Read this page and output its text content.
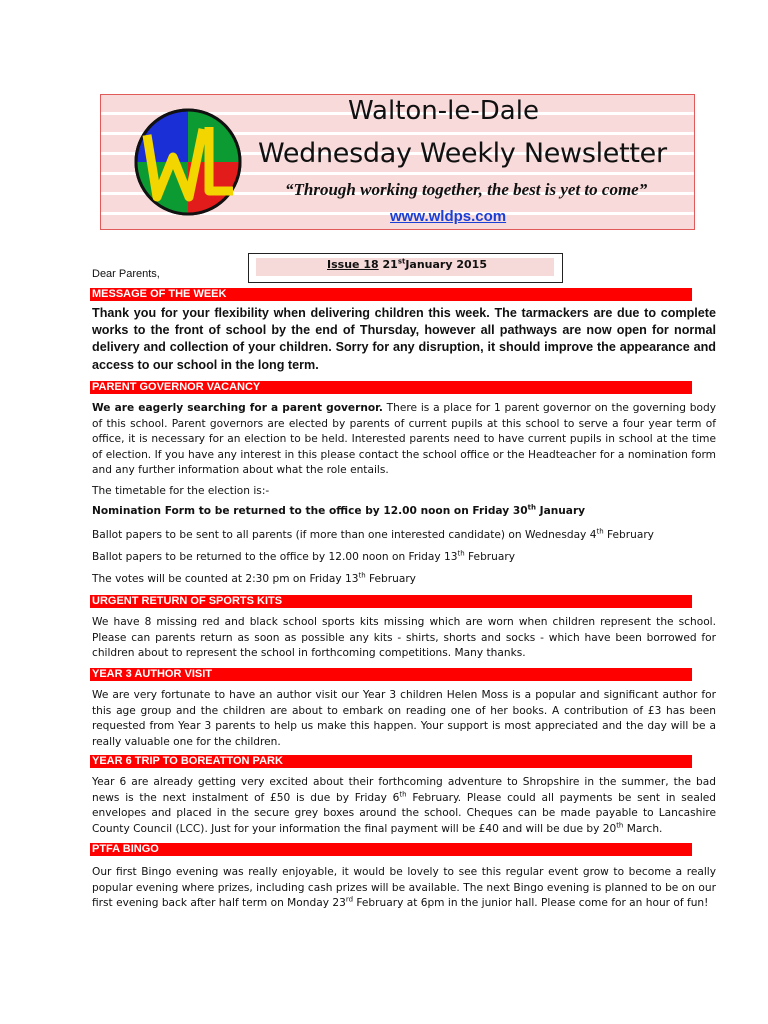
Walton-le-Dale
Wednesday Weekly Newsletter
“Through working together, the best is yet to come”
www.wldps.com
Issue 18 21stJanuary 2015
Dear Parents,
MESSAGE OF THE WEEK
Thank you for your flexibility when delivering children this week. The tarmackers are due to complete works to the front of school by the end of Thursday, however all pathways are now open for normal delivery and collection of your children. Sorry for any disruption, it should improve the appearance and access to our school in the long term.
PARENT GOVERNOR VACANCY
We are eagerly searching for a parent governor. There is a place for 1 parent governor on the governing body of this school. Parent governors are elected by parents of current pupils at this school to serve a four year term of office, it is necessary for an election to be held. Interested parents need to have current pupils in school at the time of election. If you have any interest in this please contact the school office or the Headteacher for a nomination form and any further information about what the role entails.
The timetable for the election is:-
Nomination Form to be returned to the office by 12.00 noon on Friday 30th January
Ballot papers to be sent to all parents (if more than one interested candidate) on Wednesday 4th February
Ballot papers to be returned to the office by 12.00 noon on Friday 13th February
The votes will be counted at 2:30 pm on Friday 13th February
URGENT RETURN OF SPORTS KITS
We have 8 missing red and black school sports kits missing which are worn when children represent the school. Please can parents return as soon as possible any kits - shirts, shorts and socks - which have been borrowed for children about to represent the school in forthcoming competitions. Many thanks.
YEAR 3 AUTHOR VISIT
We are very fortunate to have an author visit our Year 3 children Helen Moss is a popular and significant author for this age group and the children are about to embark on reading one of her books. A contribution of £3 has been requested from Year 3 parents to help us make this happen. Your support is most appreciated and the day will be a really valuable one for the children.
YEAR 6 TRIP TO BOREATTON PARK
Year 6 are already getting very excited about their forthcoming adventure to Shropshire in the summer, the bad news is the next instalment of £50 is due by Friday 6th February. Please could all payments be sent in sealed envelopes and placed in the secure grey boxes around the school. Cheques can be made payable to Lancashire County Council (LCC). Just for your information the final payment will be £40 and will be due by 20th March.
PTFA BINGO
Our first Bingo evening was really enjoyable, it would be lovely to see this regular event grow to become a really popular evening where prizes, including cash prizes will be available. The next Bingo evening is planned to be on our first evening back after half term on Monday 23rd February at 6pm in the junior hall. Please come for an hour of fun!
